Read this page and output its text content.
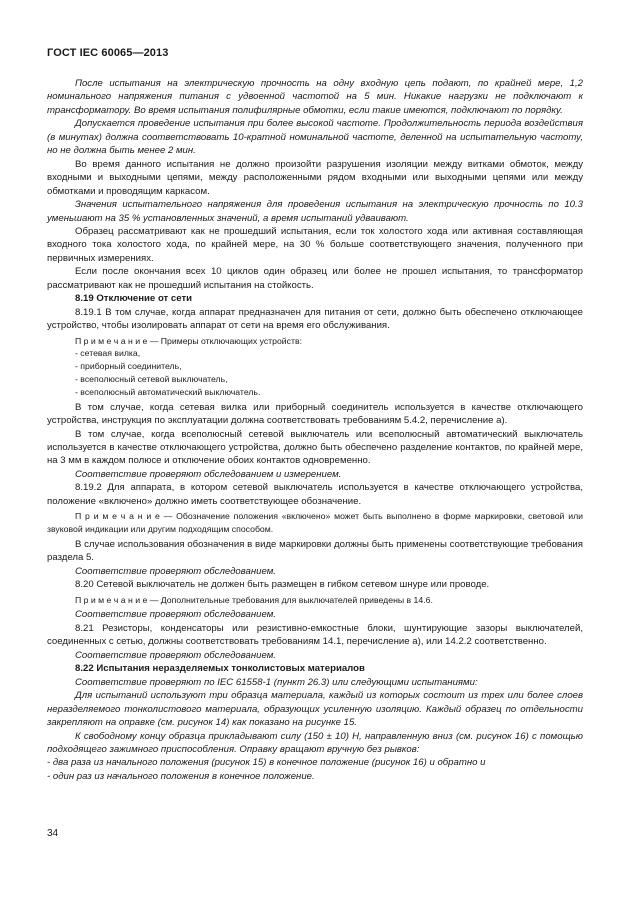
ГОСТ IEC 60065—2013

После испытания на электрическую прочность на одну входную цепь подают, по крайней мере, 1,2 номинального напряжения питания с удвоенной частотой на 5 мин. Никакие нагрузки не подключают к трансформатору. Во время испытания полифилярные обмотки, если такие имеются, подключают по порядку.

Допускается проведение испытания при более высокой частоте. Продолжительность периода воздействия (в минутах) должна соответствовать 10-кратной номинальной частоте, деленной на испытательную частоту, но не должна быть менее 2 мин.

Во время данного испытания не должно произойти разрушения изоляции между витками обмоток, между входными и выходными цепями, между расположенными рядом входными или выходными цепями или между обмотками и проводящим каркасом.

Значения испытательного напряжения для проведения испытания на электрическую прочность по 10.3 уменьшают на 35 % установленных значений, а время испытаний удваивают.

Образец рассматривают как не прошедший испытания, если ток холостого хода или активная составляющая входного тока холостого хода, по крайней мере, на 30 % больше соответствующего значения, полученного при первичных измерениях.

Если после окончания всех 10 циклов один образец или более не прошел испытания, то трансформатор рассматривают как не прошедший испытания на стойкость.

8.19 Отключение от сети

8.19.1 В том случае, когда аппарат предназначен для питания от сети, должно быть обеспечено отключающее устройство, чтобы изолировать аппарат от сети на время его обслуживания.

П р и м е ч а н и е — Примеры отключающих устройств:

- сетевая вилка,

- приборный соединитель,

- всеполюсный сетевой выключатель,

- всеполюсный автоматический выключатель.

В том случае, когда сетевая вилка или приборный соединитель используется в качестве отключающего устройства, инструкция по эксплуатации должна соответствовать требованиям 5.4.2, перечисление а).

В том случае, когда всеполюсный сетевой выключатель или всеполюсный автоматический выключатель используется в качестве отключающего устройства, должно быть обеспечено разделение контактов, по крайней мере, на 3 мм в каждом полюсе и отключение обоих контактов одновременно.

Соответствие проверяют обследованием и измерением.

8.19.2 Для аппарата, в котором сетевой выключатель используется в качестве отключающего устройства, положение «включено» должно иметь соответствующее обозначение.

П р и м е ч а н и е — Обозначение положения «включено» может быть выполнено в форме маркировки, световой или звуковой индикации или другим подходящим способом.

В случае использования обозначения в виде маркировки должны быть применены соответствующие требования раздела 5.

Соответствие проверяют обследованием.

8.20 Сетевой выключатель не должен быть размещен в гибком сетевом шнуре или проводе.

П р и м е ч а н и е — Дополнительные требования для выключателей приведены в 14.6.

Соответствие проверяют обследованием.

8.21 Резисторы, конденсаторы или резистивно-емкостные блоки, шунтирующие зазоры выключателей, соединенных с сетью, должны соответствовать требованиям 14.1, перечисление а), или 14.2.2 соответственно.

Соответствие проверяют обследованием.

8.22 Испытания неразделяемых тонколистовых материалов

Соответствие проверяют по IEC 61558-1 (пункт 26.3) или следующими испытаниями:

Для испытаний используют три образца материала, каждый из которых состоит из трех или более слоев неразделяемого тонколистового материала, образующих усиленную изоляцию. Каждый образец по отдельности закрепляют на оправке (см. рисунок 14) как показано на рисунке 15.

К свободному концу образца прикладывают силу (150 ± 10) Н, направленную вниз (см. рисунок 16) с помощью подходящего зажимного приспособления. Оправку вращают вручную без рывков:

- два раза из начального положения (рисунок 15) в конечное положение (рисунок 16) и обратно и

- один раз из начального положения в конечное положение.

34
